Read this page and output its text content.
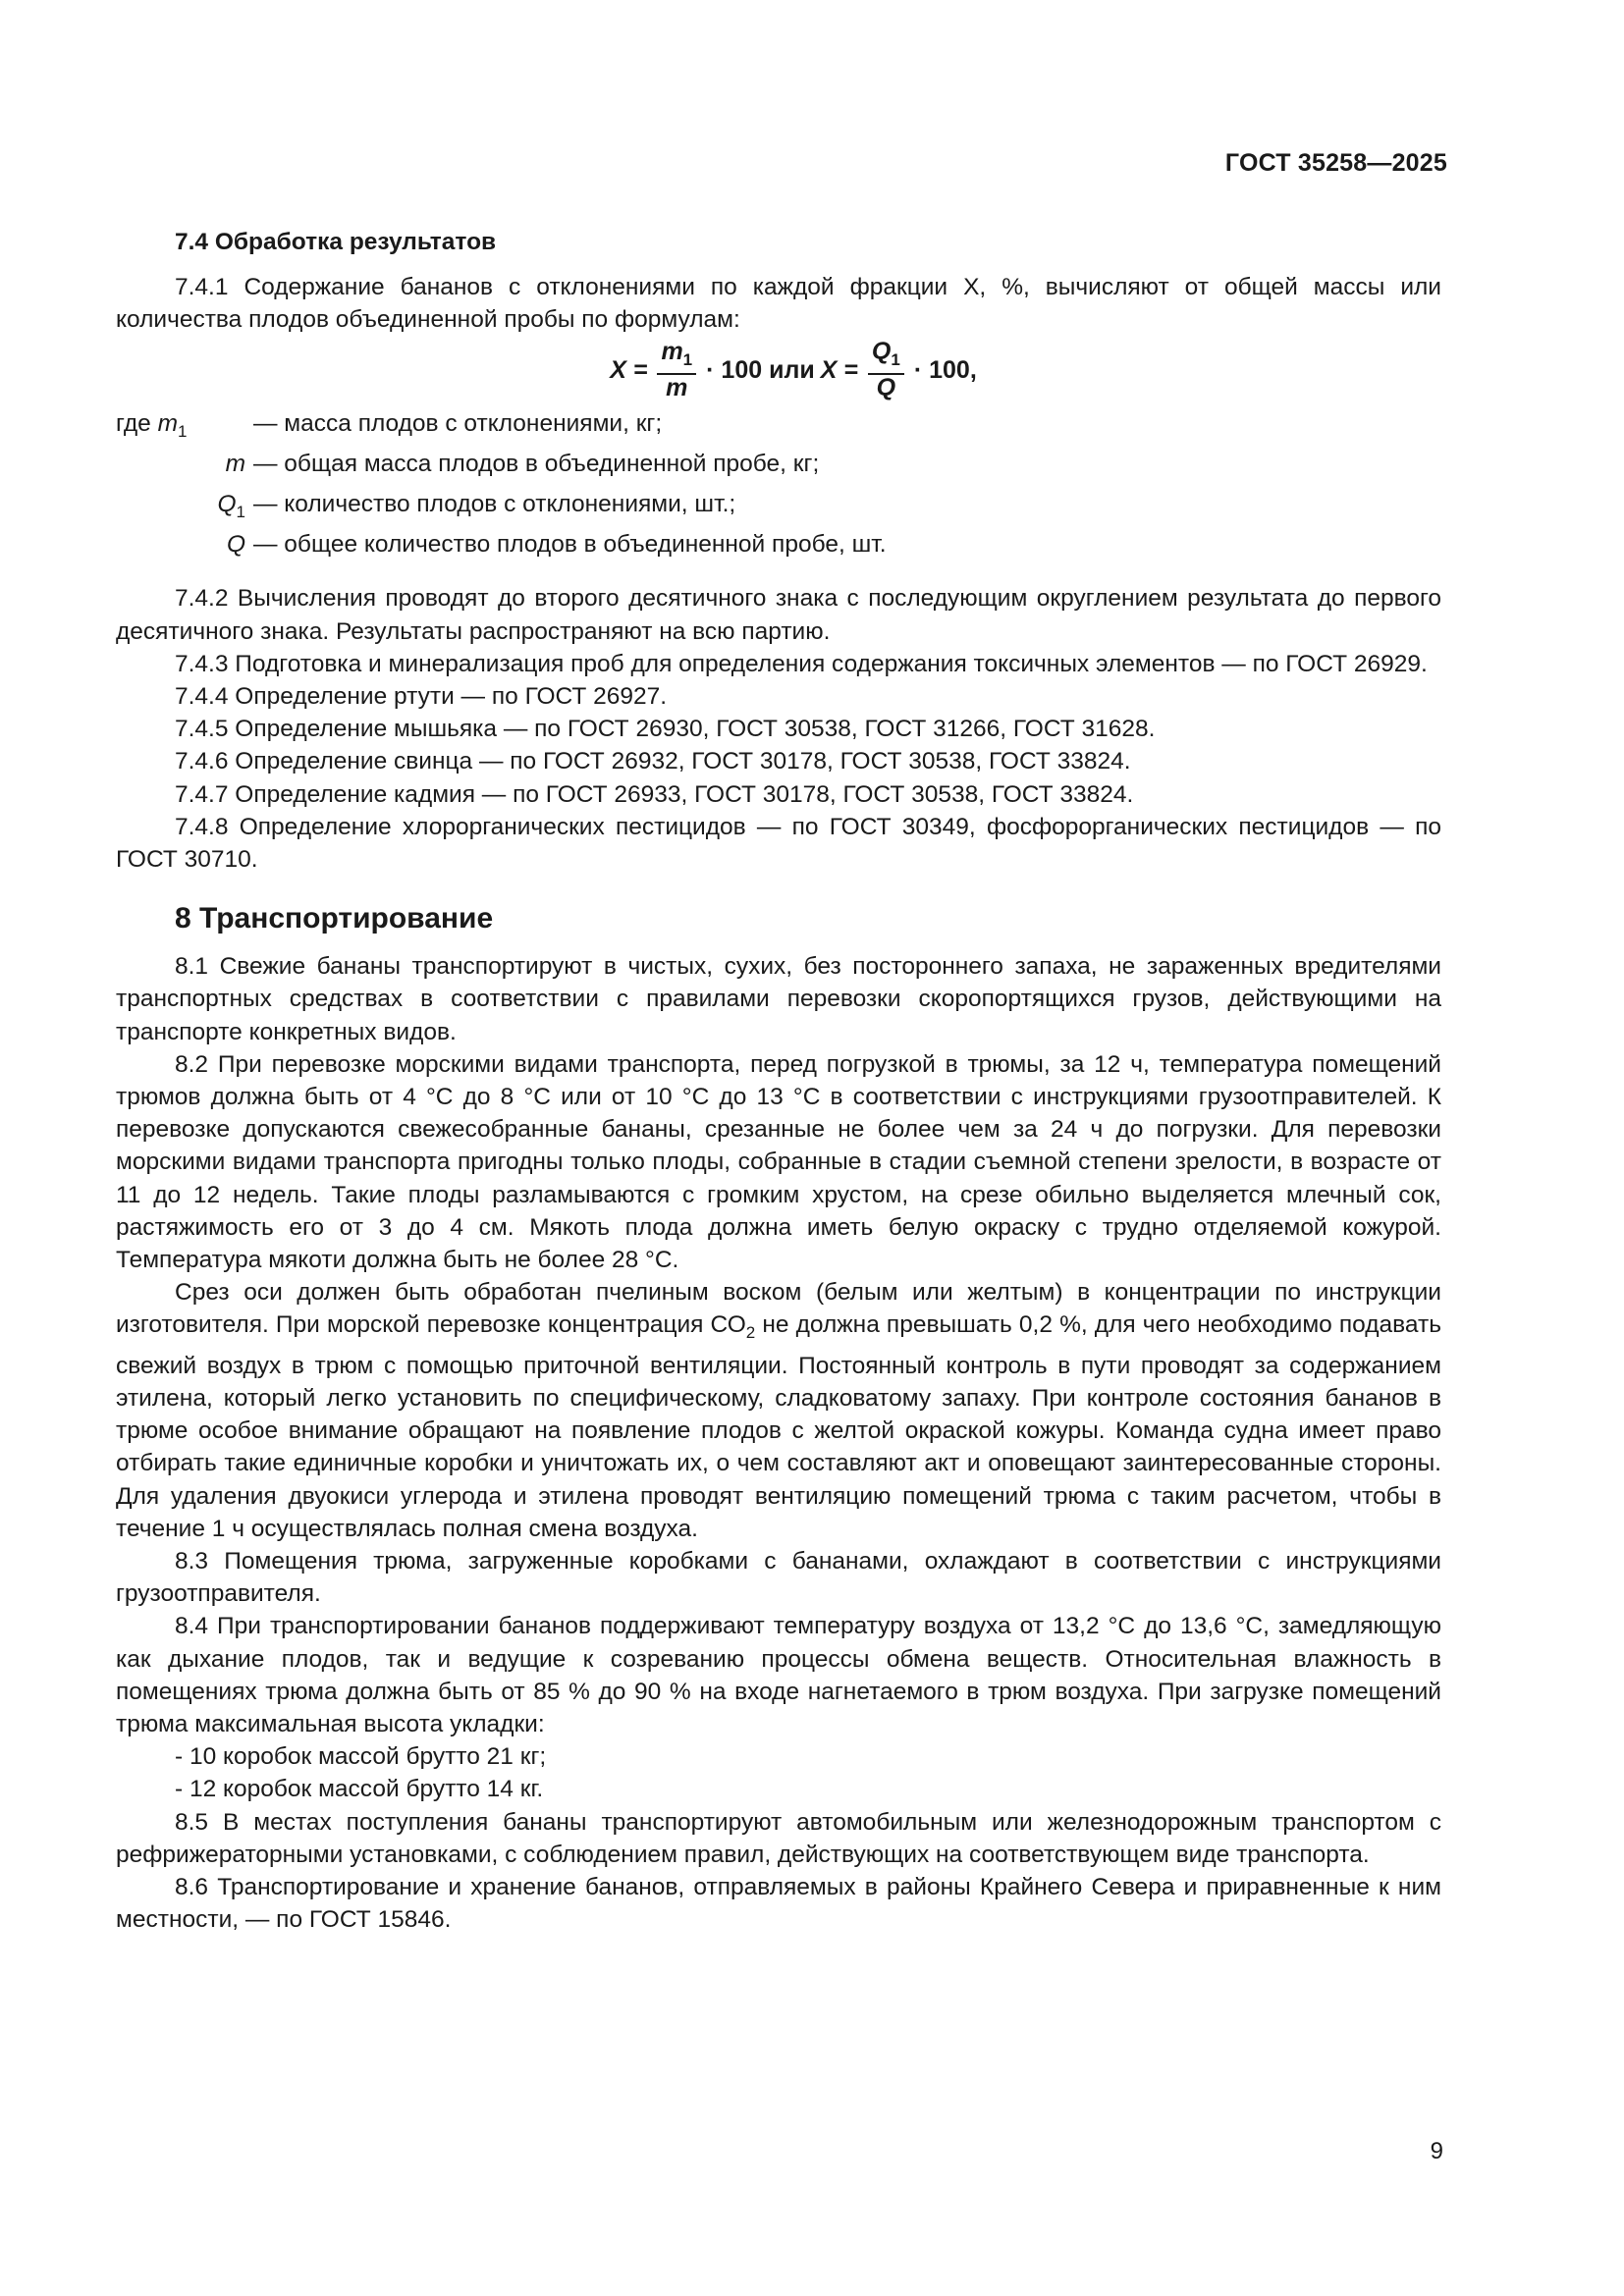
ГОСТ 35258—2025

7.4 Обработка результатов

7.4.1 Содержание бананов с отклонениями по каждой фракции X, %, вычисляют от общей массы или количества плодов объединенной пробы по формулам:

$X = \frac{m_1}{m} \cdot 100$ или $X = \frac{Q_1}{Q} \cdot 100$,
где $m_1$	— масса плодов с отклонениями, кг;
m — общая масса плодов в объединенной пробе, кг;
$Q_1$ — количество плодов с отклонениями, шт.;
Q — общее количество плодов в объединенной пробе, шт.

7.4.2 Вычисления проводят до второго десятичного знака с последующим округлением результата до первого десятичного знака. Результаты распространяют на всю партию.

7.4.3 Подготовка и минерализация проб для определения содержания токсичных элементов — по ГОСТ 26929.

7.4.4 Определение ртути — по ГОСТ 26927.

7.4.5 Определение мышьяка — по ГОСТ 26930, ГОСТ 30538, ГОСТ 31266, ГОСТ 31628.

7.4.6 Определение свинца — по ГОСТ 26932, ГОСТ 30178, ГОСТ 30538, ГОСТ 33824.

7.4.7 Определение кадмия — по ГОСТ 26933, ГОСТ 30178, ГОСТ 30538, ГОСТ 33824.

7.4.8 Определение хлорорганических пестицидов — по ГОСТ 30349, фосфорорганических пестицидов — по ГОСТ 30710.

8 Транспортирование

8.1 Свежие бананы транспортируют в чистых, сухих, без постороннего запаха, не зараженных вредителями транспортных средствах в соответствии с правилами перевозки скоропортящихся грузов, действующими на транспорте конкретных видов.

8.2 При перевозке морскими видами транспорта, перед погрузкой в трюмы, за 12 ч, температура помещений трюмов должна быть от 4 °С до 8 °С или от 10 °С до 13 °С в соответствии с инструкциями грузоотправителей. К перевозке допускаются свежесобранные бананы, срезанные не более чем за 24 ч до погрузки. Для перевозки морскими видами транспорта пригодны только плоды, собранные в стадии съемной степени зрелости, в возрасте от 11 до 12 недель. Такие плоды разламываются с громким хрустом, на срезе обильно выделяется млечный сок, растяжимость его от 3 до 4 см. Мякоть плода должна иметь белую окраску с трудно отделяемой кожурой. Температура мякоти должна быть не более 28 °С.

Срез оси должен быть обработан пчелиным воском (белым или желтым) в концентрации по инструкции изготовителя. При морской перевозке концентрация $СО_2$ не должна превышать 0,2 %, для чего необходимо подавать свежий воздух в трюм с помощью приточной вентиляции. Постоянный контроль в пути проводят за содержанием этилена, который легко установить по специфическому, сладковатому запаху. При контроле состояния бананов в трюме особое внимание обращают на появление плодов с желтой окраской кожуры. Команда судна имеет право отбирать такие единичные коробки и уничтожать их, о чем составляют акт и оповещают заинтересованные стороны. Для удаления двуокиси углерода и этилена проводят вентиляцию помещений трюма с таким расчетом, чтобы в течение 1 ч осуществлялась полная смена воздуха.

8.3 Помещения трюма, загруженные коробками с бананами, охлаждают в соответствии с инструкциями грузоотправителя.

8.4 При транспортировании бананов поддерживают температуру воздуха от 13,2 °С до 13,6 °С, замедляющую как дыхание плодов, так и ведущие к созреванию процессы обмена веществ. Относительная влажность в помещениях трюма должна быть от 85 % до 90 % на входе нагнетаемого в трюм воздуха. При загрузке помещений трюма максимальная высота укладки:

- 10 коробок массой брутто 21 кг;

- 12 коробок массой брутто 14 кг.

8.5 В местах поступления бананы транспортируют автомобильным или железнодорожным транспортом с рефрижераторными установками, с соблюдением правил, действующих на соответствующем виде транспорта.

8.6 Транспортирование и хранение бананов, отправляемых в районы Крайнего Севера и приравненные к ним местности, — по ГОСТ 15846.

9
